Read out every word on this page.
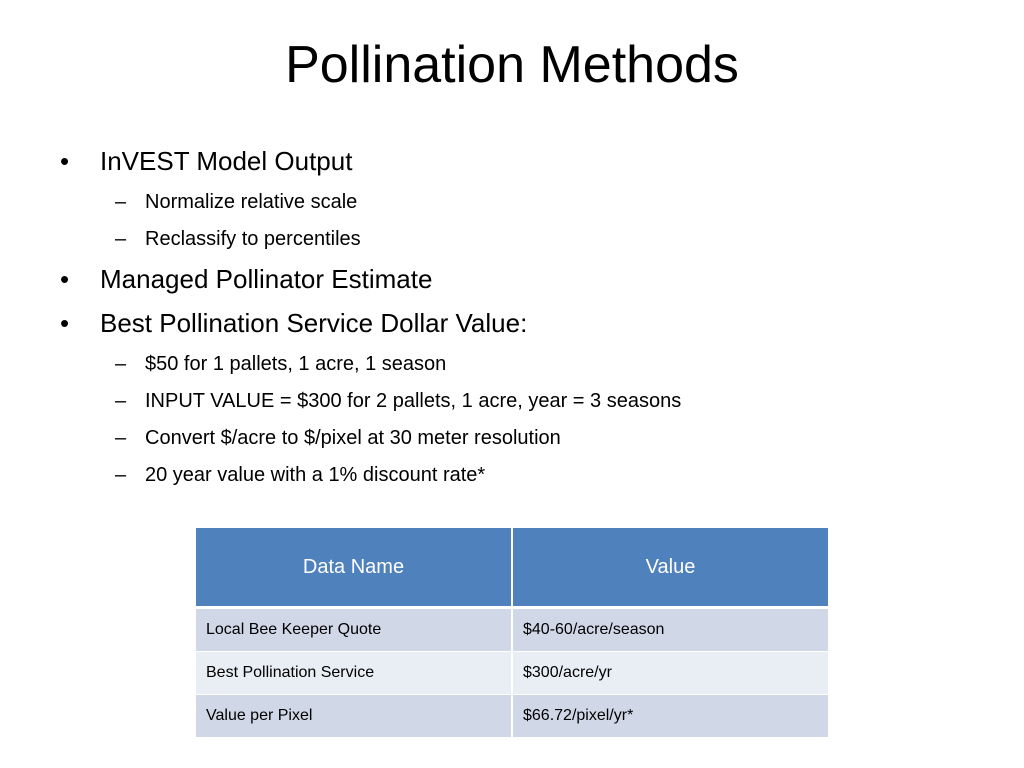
Pollination Methods
•	InVEST Model Output
– Normalize relative scale
– Reclassify to percentiles
•	Managed Pollinator Estimate
•	Best Pollination Service Dollar Value:
– $50 for 1 pallets, 1 acre, 1 season
– INPUT VALUE = $300 for 2 pallets, 1 acre, year = 3 seasons
– Convert $/acre to $/pixel at 30 meter resolution
– 20 year value with a 1% discount rate*
Data Name	Value
Local Bee Keeper Quote	$40-60/acre/season
Best Pollination Service	$300/acre/yr
Value per Pixel	$66.72/pixel/yr*
